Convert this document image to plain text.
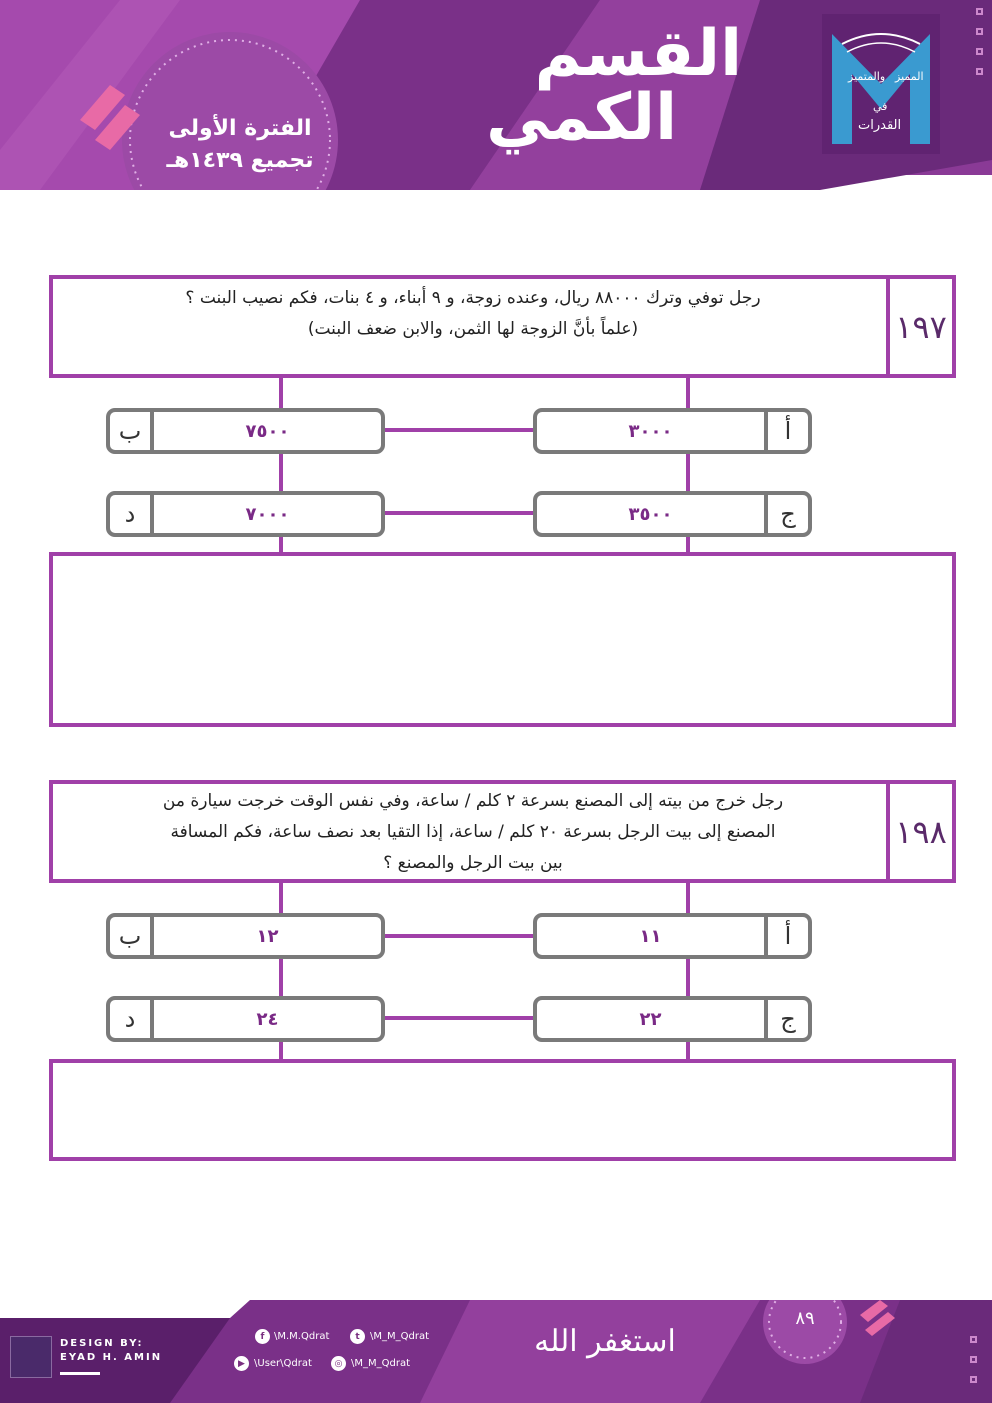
القسم
الكمي
الفترة الأولى
تجميع ١٤٣٩هـ
المميز
والمتميز
في
القدرات
رجل توفي وترك ٨٨٠٠٠ ريال، وعنده زوجة، و ٩ أبناء، و ٤ بنات، فكم نصيب البنت ؟
(علماً بأنَّ الزوجة لها الثمن، والابن ضعف البنت)	١٩٧
ب	٧٥٠٠	٣٠٠٠	أ
د	٧٠٠٠	٣٥٠٠	ج
رجل خرج من بيته إلى المصنع بسرعة ٢ كلم / ساعة، وفي نفس الوقت خرجت سيارة من
المصنع إلى بيت الرجل بسرعة ٢٠ كلم / ساعة، إذا التقيا بعد نصف ساعة، فكم المسافة
بين بيت الرجل والمصنع ؟
١٩٨
ب	١٢	١١	أ
د	٢٤	٢٢	ج
DESIGN BY:
EYAD H. AMIN
f \M.M.Qdrat	t	\M_M_Qdrat
▶ \User\Qdrat	◎ \M_M_Qdrat
استغفر الله
٨٩
